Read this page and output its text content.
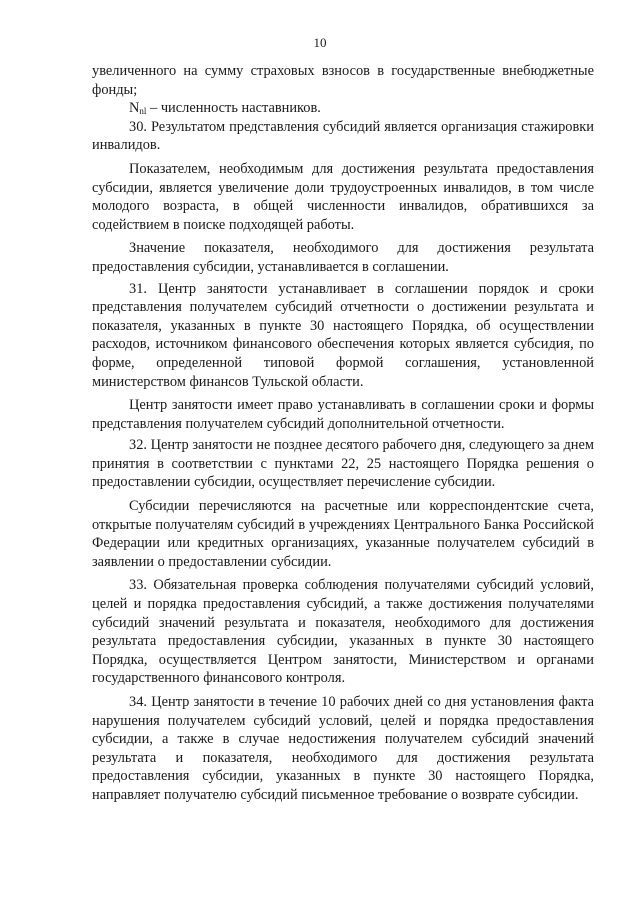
10

увеличенного на сумму страховых взносов в государственные внебюджетные фонды;

$N_{nl}$ – численность наставников.

30. Результатом представления субсидий является организация стажировки инвалидов.

Показателем, необходимым для достижения результата предоставления субсидии, является увеличение доли трудоустроенных инвалидов, в том числе молодого возраста, в общей численности инвалидов, обратившихся за содействием в поиске подходящей работы.

Значение показателя, необходимого для достижения результата предоставления субсидии, устанавливается в соглашении.

31. Центр занятости устанавливает в соглашении порядок и сроки представления получателем субсидий отчетности о достижении результата и показателя, указанных в пункте 30 настоящего Порядка, об осуществлении расходов, источником финансового обеспечения которых является субсидия, по форме, определенной типовой формой соглашения, установленной министерством финансов Тульской области.

Центр занятости имеет право устанавливать в соглашении сроки и формы представления получателем субсидий дополнительной отчетности.

32. Центр занятости не позднее десятого рабочего дня, следующего за днем принятия в соответствии с пунктами 22, 25 настоящего Порядка решения о предоставлении субсидии, осуществляет перечисление субсидии.

Субсидии перечисляются на расчетные или корреспондентские счета, открытые получателям субсидий в учреждениях Центрального Банка Российской Федерации или кредитных организациях, указанные получателем субсидий в заявлении о предоставлении субсидии.

33. Обязательная проверка соблюдения получателями субсидий условий, целей и порядка предоставления субсидий, а также достижения получателями субсидий значений результата и показателя, необходимого для достижения результата предоставления субсидии, указанных в пункте 30 настоящего Порядка, осуществляется Центром занятости, Министерством и органами государственного финансового контроля.

34. Центр занятости в течение 10 рабочих дней со дня установления факта нарушения получателем субсидий условий, целей и порядка предоставления субсидии, а также в случае недостижения получателем субсидий значений результата и показателя, необходимого для достижения результата предоставления субсидии, указанных в пункте 30 настоящего Порядка, направляет получателю субсидий письменное требование о возврате субсидии.
